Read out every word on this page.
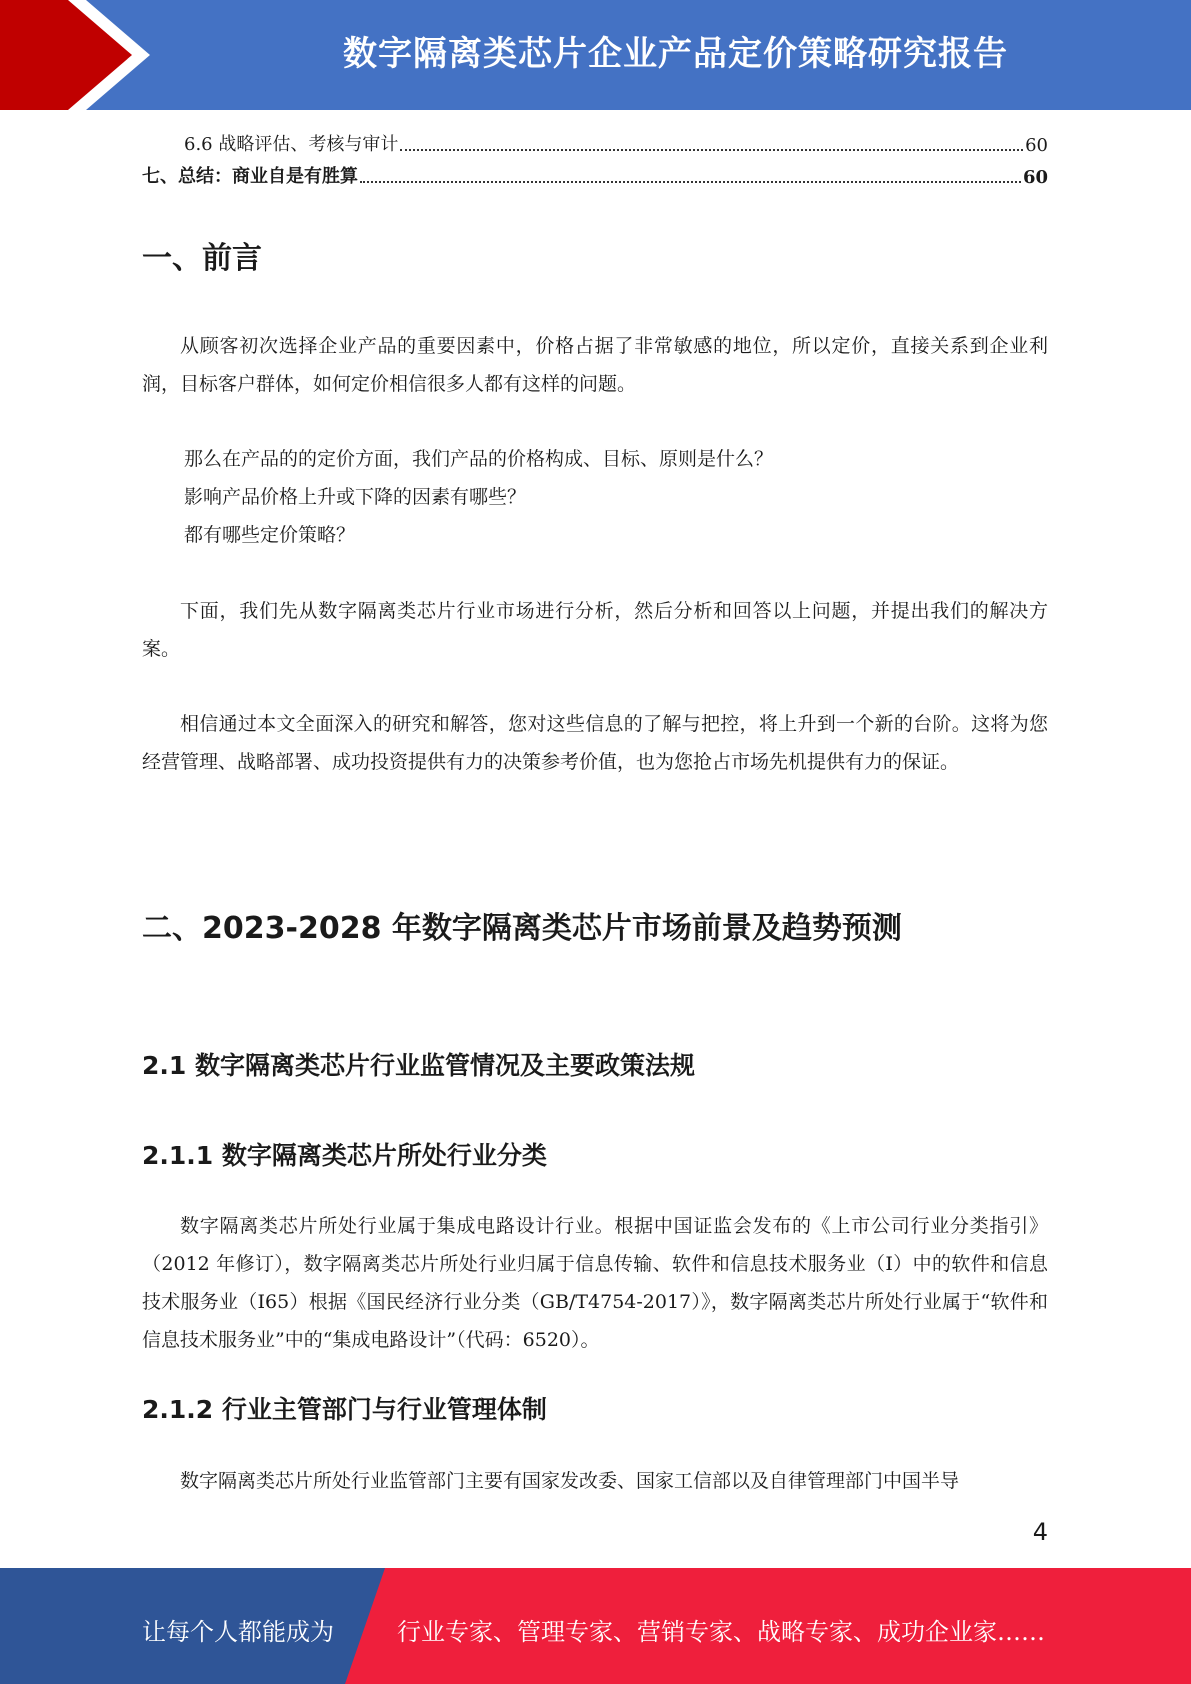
数字隔离类芯片企业产品定价策略研究报告
6.6 战略评估、考核与审计	60
七、总结：商业自是有胜算	60
一、前言

从顾客初次选择企业产品的重要因素中，价格占据了非常敏感的地位，所以定价，直接关系到企业利润，目标客户群体，如何定价相信很多人都有这样的问题。

那么在产品的的定价方面，我们产品的价格构成、目标、原则是什么？
影响产品价格上升或下降的因素有哪些？
都有哪些定价策略？

下面，我们先从数字隔离类芯片行业市场进行分析，然后分析和回答以上问题，并提出我们的解决方案。

相信通过本文全面深入的研究和解答，您对这些信息的了解与把控，将上升到一个新的台阶。这将为您经营管理、战略部署、成功投资提供有力的决策参考价值，也为您抢占市场先机提供有力的保证。

二、2023-2028 年数字隔离类芯片市场前景及趋势预测
2.1 数字隔离类芯片行业监管情况及主要政策法规
2.1.1 数字隔离类芯片所处行业分类

数字隔离类芯片所处行业属于集成电路设计行业。根据中国证监会发布的《上市公司行业分类指引》（2012 年修订），数字隔离类芯片所处行业归属于信息传输、软件和信息技术服务业（I）中的软件和信息技术服务业（I65）根据《国民经济行业分类（GB/T4754-2017）》，数字隔离类芯片所处行业属于“软件和信息技术服务业”中的“集成电路设计”（代码：6520）。

2.1.2 行业主管部门与行业管理体制

数字隔离类芯片所处行业监管部门主要有国家发改委、国家工信部以及自律管理部门中国半导

4
让每个人都能成为	行业专家、管理专家、营销专家、战略专家、成功企业家……
